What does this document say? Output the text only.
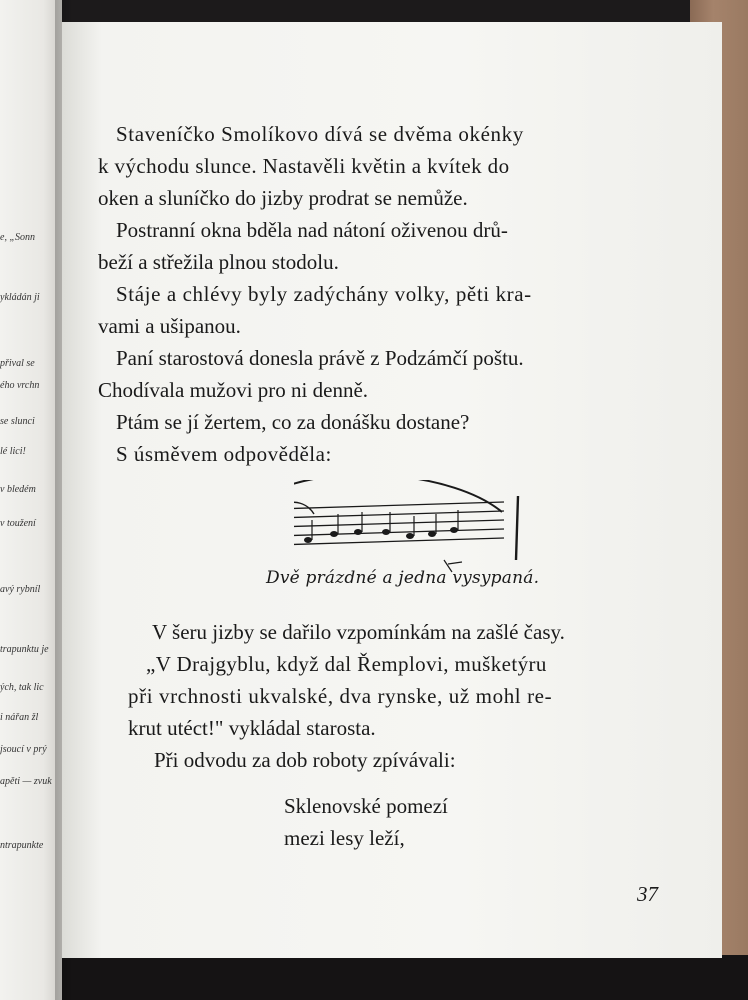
e, „Sonn
ykládán ji
přival se
ého vrchn
se slunci
lé lici!
v bledém
v toužení
avý rybníl
trapunktu je
ých, tak lic
i nářan žl
jsoucí v prý
apěti — zvuk
ntrapunkte
Staveníčko Smolíkovo dívá se dvěma okénky
k východu slunce. Nastavěli květin a kvítek do
oken a sluníčko do jizby prodrat se nemůže.
Postranní okna bděla nad nátoní oživenou drů-
beží a střežila plnou stodolu.
Stáje a chlévy byly zadýchány volky, pěti kra-
vami a ušipanou.
Paní starostová donesla právě z Podzámčí poštu.
Chodívala mužovi pro ni denně.
Ptám se jí žertem, co za donášku dostane?
S úsměvem odpověděla:
Dvě prázdné a jedna vysypaná.
V šeru jizby se dařilo vzpomínkám na zašlé časy.
„V Drajgyblu, když dal Řemplovi, mušketýru
při vrchnosti ukvalské, dva rynske, už mohl re-
krut utéct!" vykládal starosta.
Při odvodu za dob roboty zpívávali:
Sklenovské pomezí
mezi lesy leží,
37
